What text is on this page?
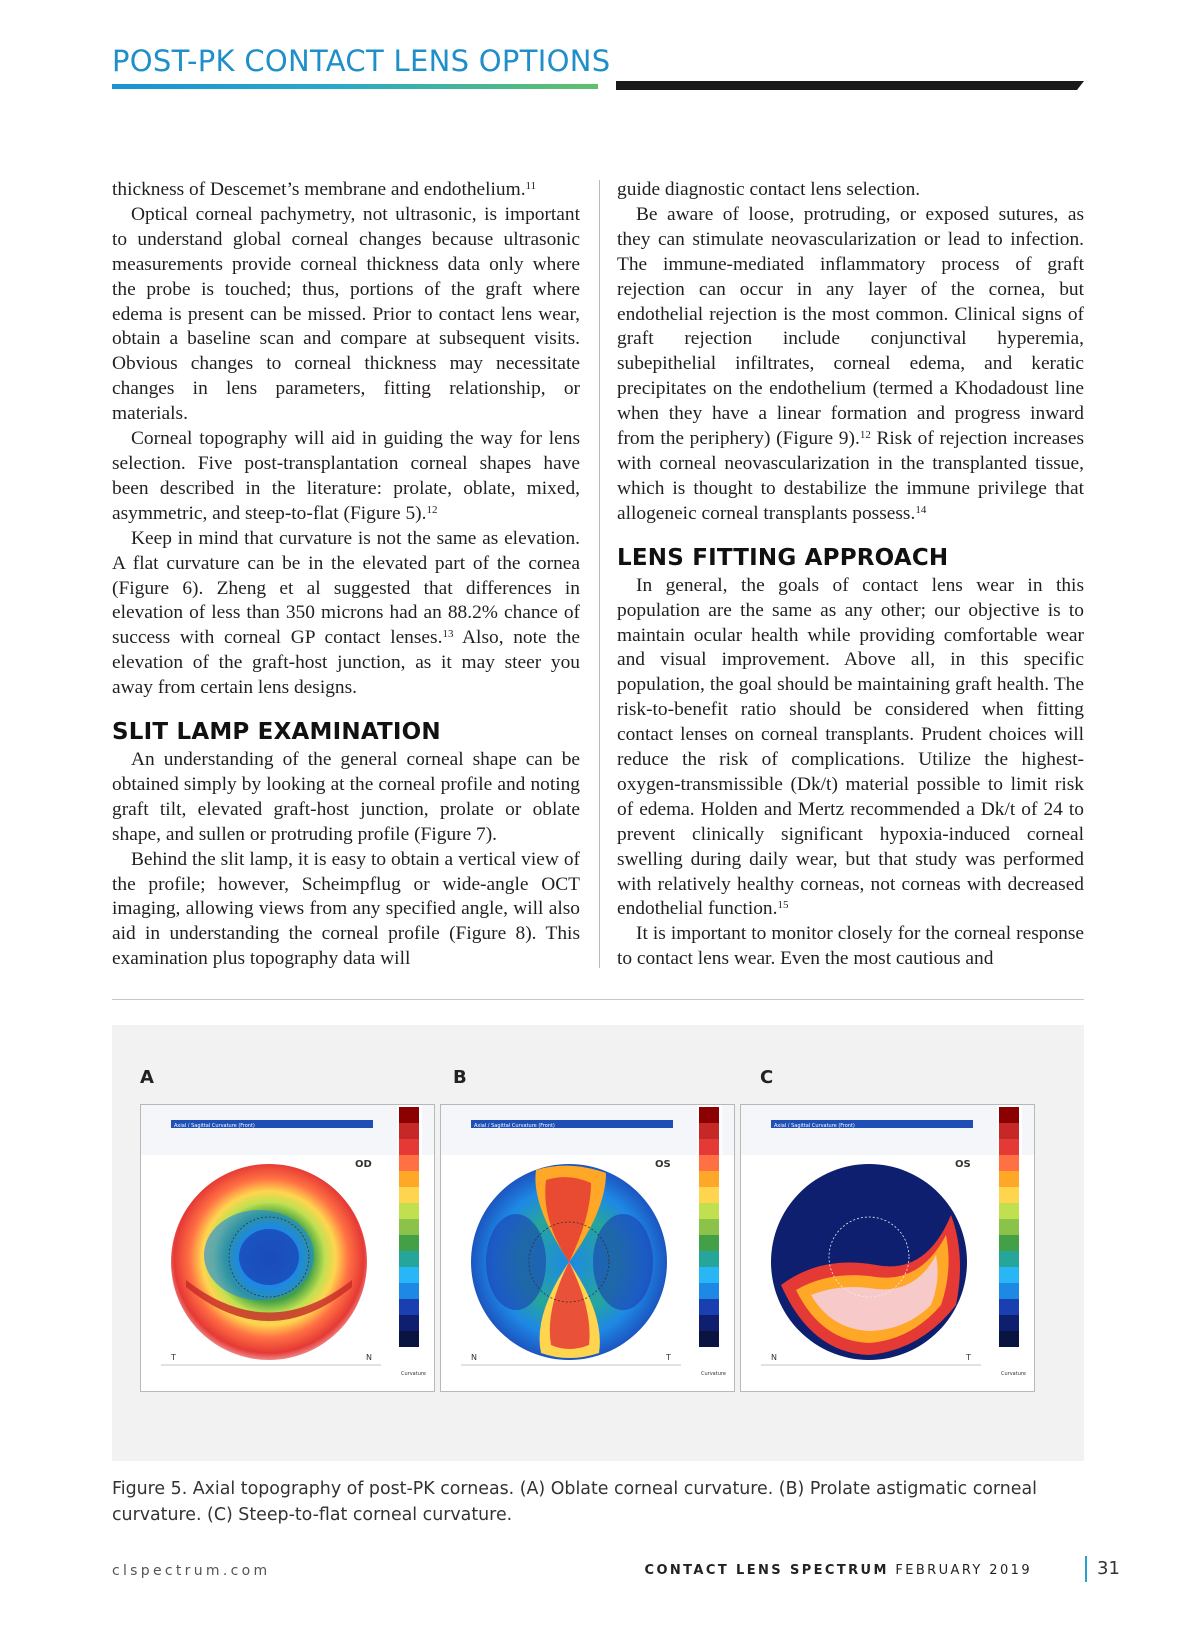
POST-PK CONTACT LENS OPTIONS

thickness of Descemet’s membrane and endothelium.$^{11}$

Optical corneal pachymetry, not ultrasonic, is important to understand global corneal changes because ultrasonic measurements provide corneal thickness data only where the probe is touched; thus, portions of the graft where edema is present can be missed. Prior to contact lens wear, obtain a baseline scan and compare at subsequent visits. Obvious changes to corneal thickness may necessitate changes in lens parameters, fitting relationship, or materials.

Corneal topography will aid in guiding the way for lens selection. Five post-transplantation corneal shapes have been described in the literature: prolate, oblate, mixed, asymmetric, and steep-to-flat (Figure 5).$^{12}$

Keep in mind that curvature is not the same as elevation. A flat curvature can be in the elevated part of the cornea (Figure 6). Zheng et al suggested that differences in elevation of less than 350 microns had an 88.2% chance of success with corneal GP contact lenses.$^{13}$ Also, note the elevation of the graft-host junction, as it may steer you away from certain lens designs.

SLIT LAMP EXAMINATION

An understanding of the general corneal shape can be obtained simply by looking at the corneal profile and noting graft tilt, elevated graft-host junction, prolate or oblate shape, and sullen or protruding profile (Figure 7).

Behind the slit lamp, it is easy to obtain a vertical view of the profile; however, Scheimpflug or wide-angle OCT imaging, allowing views from any specified angle, will also aid in understanding the corneal profile (Figure 8). This examination plus topography data will

guide diagnostic contact lens selection.

Be aware of loose, protruding, or exposed sutures, as they can stimulate neovascularization or lead to infection. The immune-mediated inflammatory process of graft rejection can occur in any layer of the cornea, but endothelial rejection is the most common. Clinical signs of graft rejection include conjunctival hyperemia, subepithelial infiltrates, corneal edema, and keratic precipitates on the endothelium (termed a Khodadoust line when they have a linear formation and progress inward from the periphery) (Figure 9).$^{12}$ Risk of rejection increases with corneal neovascularization in the transplanted tissue, which is thought to destabilize the immune privilege that allogeneic corneal transplants possess.$^{14}$

LENS FITTING APPROACH

In general, the goals of contact lens wear in this population are the same as any other; our objective is to maintain ocular health while providing comfortable wear and visual improvement. Above all, in this specific population, the goal should be maintaining graft health. The risk-to-benefit ratio should be considered when fitting contact lenses on corneal transplants. Prudent choices will reduce the risk of complications. Utilize the highest-oxygen-transmissible (Dk/t) material possible to limit risk of edema. Holden and Mertz recommended a Dk/t of 24 to prevent clinically significant hypoxia-induced corneal swelling during daily wear, but that study was performed with relatively healthy corneas, not corneas with decreased endothelial function.$^{15}$

It is important to monitor closely for the corneal response to contact lens wear. Even the most cautious and

A	B	C
Axial / Sagittal Curvature (Front)
Curvature
OD
T	N
Axial / Sagittal Curvature (Front)
Curvature
OS
N	T
Axial / Sagittal Curvature (Front)
Curvature
OS
N	T
Figure 5. Axial topography of post-PK corneas. (A) Oblate corneal curvature. (B) Prolate astigmatic corneal curvature. (C) Steep-to-flat corneal curvature.
clspectrum.com	CONTACT LENS SPECTRUM FEBRUARY 2019	31
